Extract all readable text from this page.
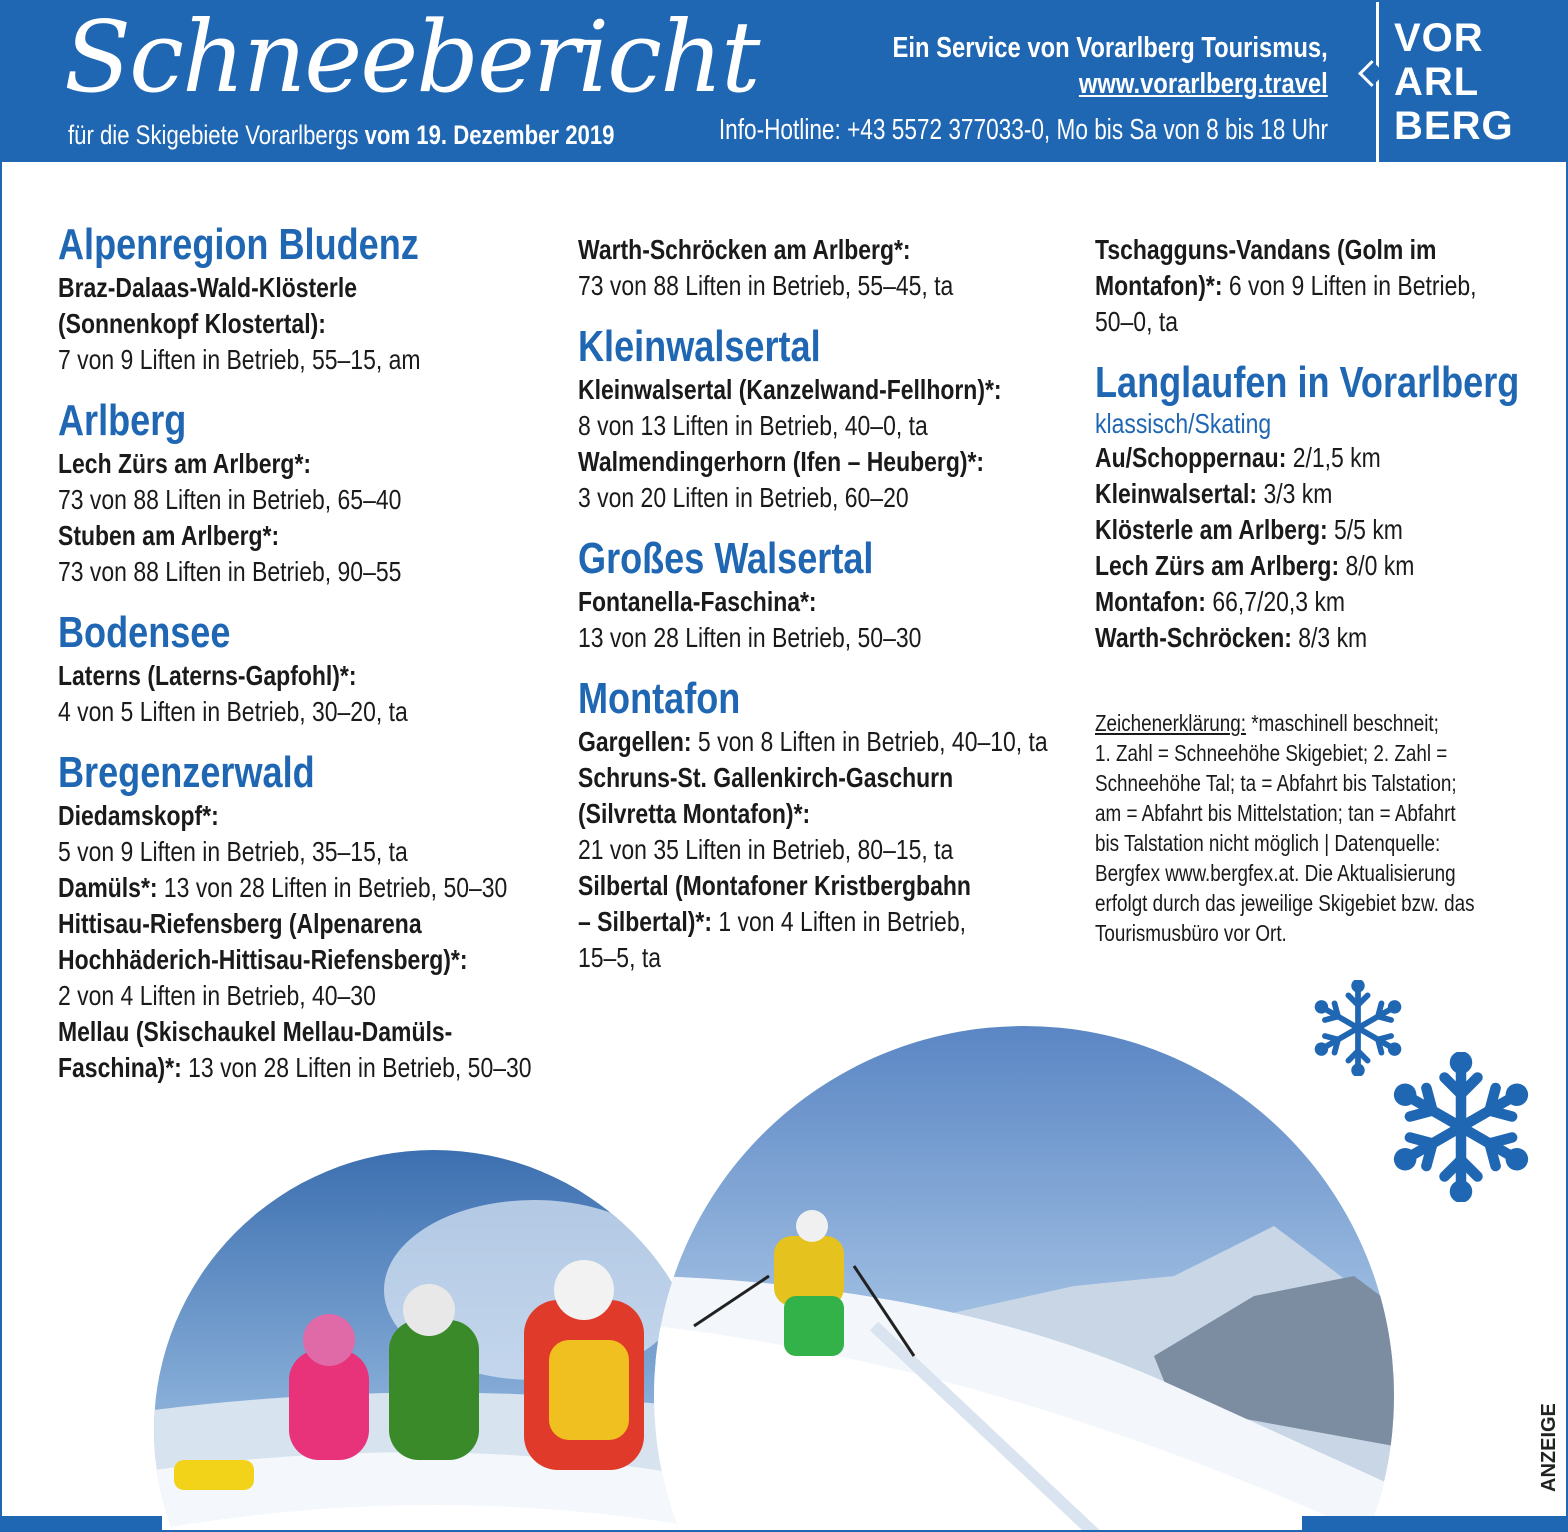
Schneebericht
für die Skigebiete Vorarlbergs vom 19. Dezember 2019
Ein Service von Vorarlberg Tourismus,
www.vorarlberg.travel
Info-Hotline: +43 5572 377033-0, Mo bis Sa von 8 bis 18 Uhr
VOR
ARL
BERG
Alpenregion Bludenz

Braz-Dalaas-Wald-Klösterle

(Sonnenkopf Klostertal):

7 von 9 Liften in Betrieb, 55–15, am

Arlberg

Lech Zürs am Arlberg*:

73 von 88 Liften in Betrieb, 65–40

Stuben am Arlberg*:

73 von 88 Liften in Betrieb, 90–55

Bodensee

Laterns (Laterns-Gapfohl)*:

4 von 5 Liften in Betrieb, 30–20, ta

Bregenzerwald

Diedamskopf*:

5 von 9 Liften in Betrieb, 35–15, ta

Damüls*: 13 von 28 Liften in Betrieb, 50–30

Hittisau-Riefensberg (Alpenarena

Hochhäderich-Hittisau-Riefensberg)*:

2 von 4 Liften in Betrieb, 40–30

Mellau (Skischaukel Mellau-Damüls-

Faschina)*: 13 von 28 Liften in Betrieb, 50–30

Warth-Schröcken am Arlberg*:

73 von 88 Liften in Betrieb, 55–45, ta

Kleinwalsertal

Kleinwalsertal (Kanzelwand-Fellhorn)*:

8 von 13 Liften in Betrieb, 40–0, ta

Walmendingerhorn (Ifen – Heuberg)*:

3 von 20 Liften in Betrieb, 60–20

Großes Walsertal

Fontanella-Faschina*:

13 von 28 Liften in Betrieb, 50–30

Montafon

Gargellen: 5 von 8 Liften in Betrieb, 40–10, ta

Schruns-St. Gallenkirch-Gaschurn

(Silvretta Montafon)*:

21 von 35 Liften in Betrieb, 80–15, ta

Silbertal (Montafoner Kristbergbahn

– Silbertal)*: 1 von 4 Liften in Betrieb,

15–5, ta

Tschagguns-Vandans (Golm im

Montafon)*: 6 von 9 Liften in Betrieb,

50–0, ta

Langlaufen in Vorarlberg
klassisch/Skating

Au/Schoppernau: 2/1,5 km

Kleinwalsertal: 3/3 km

Klösterle am Arlberg: 5/5 km

Lech Zürs am Arlberg: 8/0 km

Montafon: 66,7/20,3 km

Warth-Schröcken: 8/3 km

Zeichenerklärung: *maschinell beschneit;
1. Zahl = Schneehöhe Skigebiet; 2. Zahl =
Schneehöhe Tal; ta = Abfahrt bis Talstation;
am = Abfahrt bis Mittelstation; tan = Abfahrt
bis Talstation nicht möglich | Datenquelle:
Bergfex www.bergfex.at. Die Aktualisierung
erfolgt durch das jeweilige Skigebiet bzw. das
Tourismusbüro vor Ort.
ANZEIGE
